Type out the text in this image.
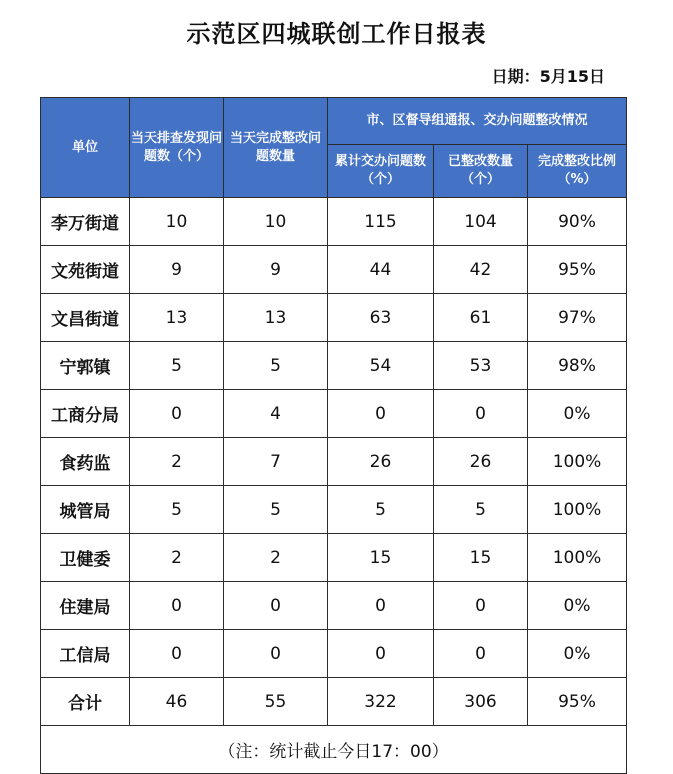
示范区四城联创工作日报表
日期：5月15日
单位	当天排查发现问题数（个）	当天完成整改问题数量	市、区督导组通报、交办问题整改情况		
			累计交办问题数（个）	已整改数量（个）	完成整改比例（%）
李万街道	10	10	115	104	90%
文苑街道	9	9	44	42	95%
文昌街道	13	13	63	61	97%
宁郭镇	5	5	54	53	98%
工商分局	0	4	0	0	0%
食药监	2	7	26	26	100%
城管局	5	5	5	5	100%
卫健委	2	2	15	15	100%
住建局	0	0	0	0	0%
工信局	0	0	0	0	0%
合计	46	55	322	306	95%
（注：统计截止今日17：00）					
